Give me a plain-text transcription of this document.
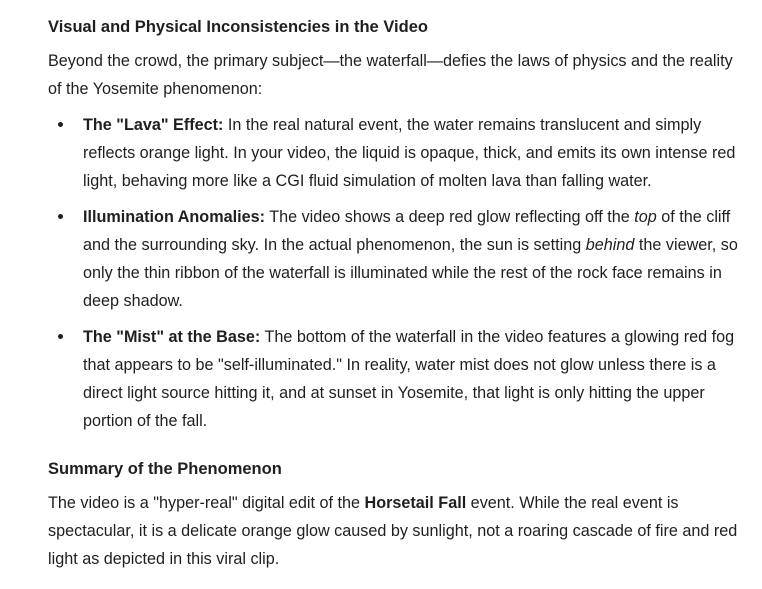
Visual and Physical Inconsistencies in the Video

Beyond the crowd, the primary subject—the waterfall—defies the laws of physics and the reality of the Yosemite phenomenon:

The "Lava" Effect: In the real natural event, the water remains translucent and simply reflects orange light. In your video, the liquid is opaque, thick, and emits its own intense red light, behaving more like a CGI fluid simulation of molten lava than falling water.
Illumination Anomalies: The video shows a deep red glow reflecting off the top of the cliff and the surrounding sky. In the actual phenomenon, the sun is setting behind the viewer, so only the thin ribbon of the waterfall is illuminated while the rest of the rock face remains in deep shadow.
The "Mist" at the Base: The bottom of the waterfall in the video features a glowing red fog that appears to be "self-illuminated." In reality, water mist does not glow unless there is a direct light source hitting it, and at sunset in Yosemite, that light is only hitting the upper portion of the fall.
Summary of the Phenomenon

The video is a "hyper-real" digital edit of the Horsetail Fall event. While the real event is spectacular, it is a delicate orange glow caused by sunlight, not a roaring cascade of fire and red light as depicted in this viral clip.
